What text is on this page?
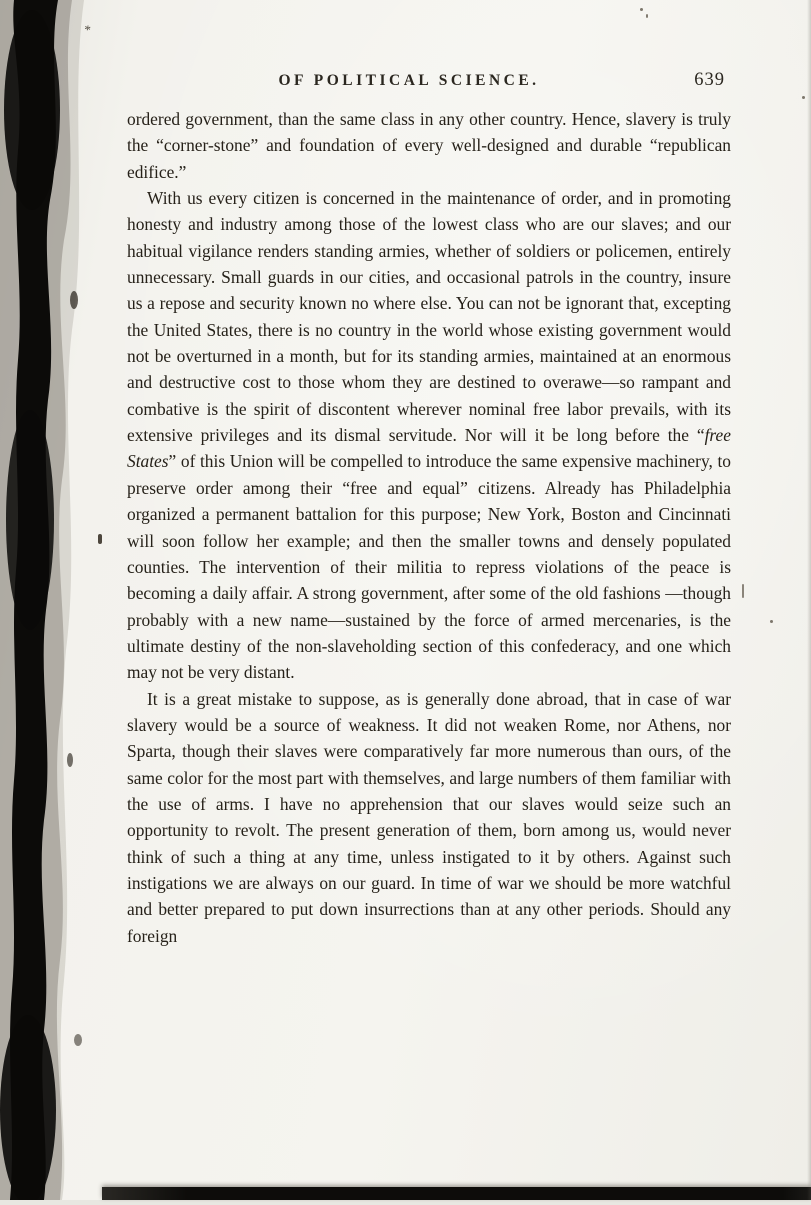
*
OF POLITICAL SCIENCE.	639

ordered government, than the same class in any other country. Hence, slavery is truly the “corner-stone” and foundation of every well-designed and durable “republican edifice.”

With us every citizen is concerned in the maintenance of order, and in promoting honesty and industry among those of the lowest class who are our slaves; and our habitual vigilance renders standing armies, whether of soldiers or policemen, entirely unnecessary. Small guards in our cities, and occasional patrols in the country, insure us a repose and security known no where else. You can not be ignorant that, excepting the United States, there is no country in the world whose existing government would not be overturned in a month, but for its standing armies, maintained at an enormous and destructive cost to those whom they are destined to overawe—so rampant and combative is the spirit of discontent wherever nominal free labor prevails, with its extensive privileges and its dismal servitude. Nor will it be long before the “free States” of this Union will be compelled to introduce the same expensive machinery, to preserve order among their “free and equal” citizens. Already has Philadelphia organized a permanent battalion for this purpose; New York, Boston and Cincinnati will soon follow her example; and then the smaller towns and densely populated counties. The intervention of their militia to repress violations of the peace is becoming a daily affair. A strong government, after some of the old fashions —though probably with a new name—sustained by the force of armed mercenaries, is the ultimate destiny of the non-slaveholding section of this confederacy, and one which may not be very distant.

It is a great mistake to suppose, as is generally done abroad, that in case of war slavery would be a source of weakness. It did not weaken Rome, nor Athens, nor Sparta, though their slaves were comparatively far more numerous than ours, of the same color for the most part with themselves, and large numbers of them familiar with the use of arms. I have no apprehension that our slaves would seize such an opportunity to revolt. The present generation of them, born among us, would never think of such a thing at any time, unless instigated to it by others. Against such instigations we are always on our guard. In time of war we should be more watchful and better prepared to put down insurrections than at any other periods. Should any foreign
